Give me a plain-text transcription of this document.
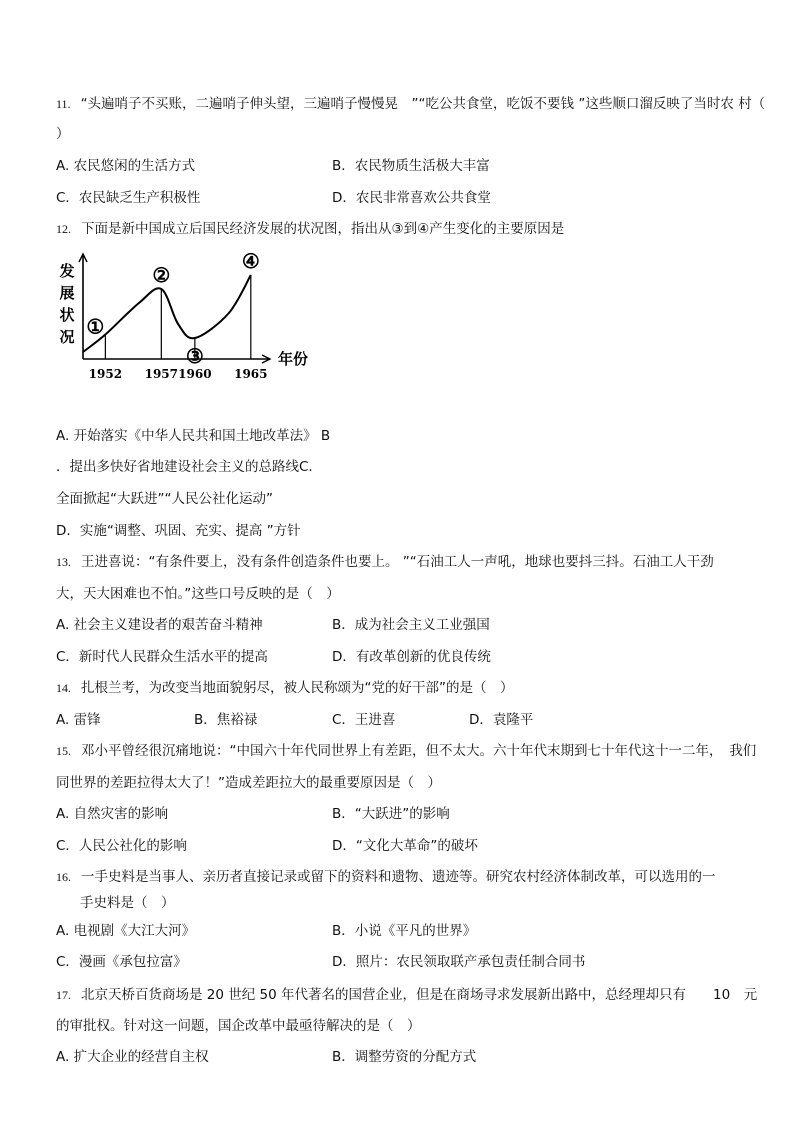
11. “头遍哨子不买账，二遍哨子伸头望，三遍哨子慢慢晃　”“吃公共食堂，吃饭不要钱 ”这些顺口溜反映了当时农 村（
）
A. 农民悠闲的生活方式	B．农民物质生活极大丰富
C．农民缺乏生产积极性	D．农民非常喜欢公共食堂
12. 下面是新中国成立后国民经济发展的状况图，指出从③到④产生变化的主要原因是
发
展
状
况
年份
1952
①
1957
②
1960
③
1965
④
A. 开始落实《中华人民共和国土地改革法》 B
．提出多快好省地建设社会主义的总路线C．
全面掀起“大跃进”“人民公社化运动”
D．实施“调整、巩固、充实、提高 ”方针
13. 王进喜说：“有条件要上，没有条件创造条件也要上。 ”“石油工人一声吼，地球也要抖三抖。石油工人干劲
大，天大困难也不怕。”这些口号反映的是（　）
A. 社会主义建设者的艰苦奋斗精神	B．成为社会主义工业强国
C．新时代人民群众生活水平的提高	D．有改革创新的优良传统
14. 扎根兰考，为改变当地面貌躬尽，被人民称颂为“党的好干部”的是（　）
A. 雷锋	B．焦裕禄	C．王进喜	D．袁隆平
15. 邓小平曾经很沉痛地说：“中国六十年代同世界上有差距，但不太大。六十年代末期到七十年代这十一二年，　我们
同世界的差距拉得太大了！”造成差距拉大的最重要原因是（　）
A. 自然灾害的影响	B．“大跃进”的影响
C．人民公社化的影响	D．“文化大革命”的破坏
16. 一手史料是当事人、亲历者直接记录或留下的资料和遗物、遗迹等。研究农村经济体制改革，可以选用的一
手史料是（　）
A. 电视剧《大江大河》	B．小说《平凡的世界》
C．漫画《承包拉富》	D．照片：农民领取联产承包责任制合同书
17. 北京天桥百货商场是 20 世纪 50 年代著名的国营企业，但是在商场寻求发展新出路中，总经理却只有　　10　元
的审批权。针对这一问题，国企改革中最亟待解决的是（　）
A. 扩大企业的经营自主权	B．调整劳资的分配方式
